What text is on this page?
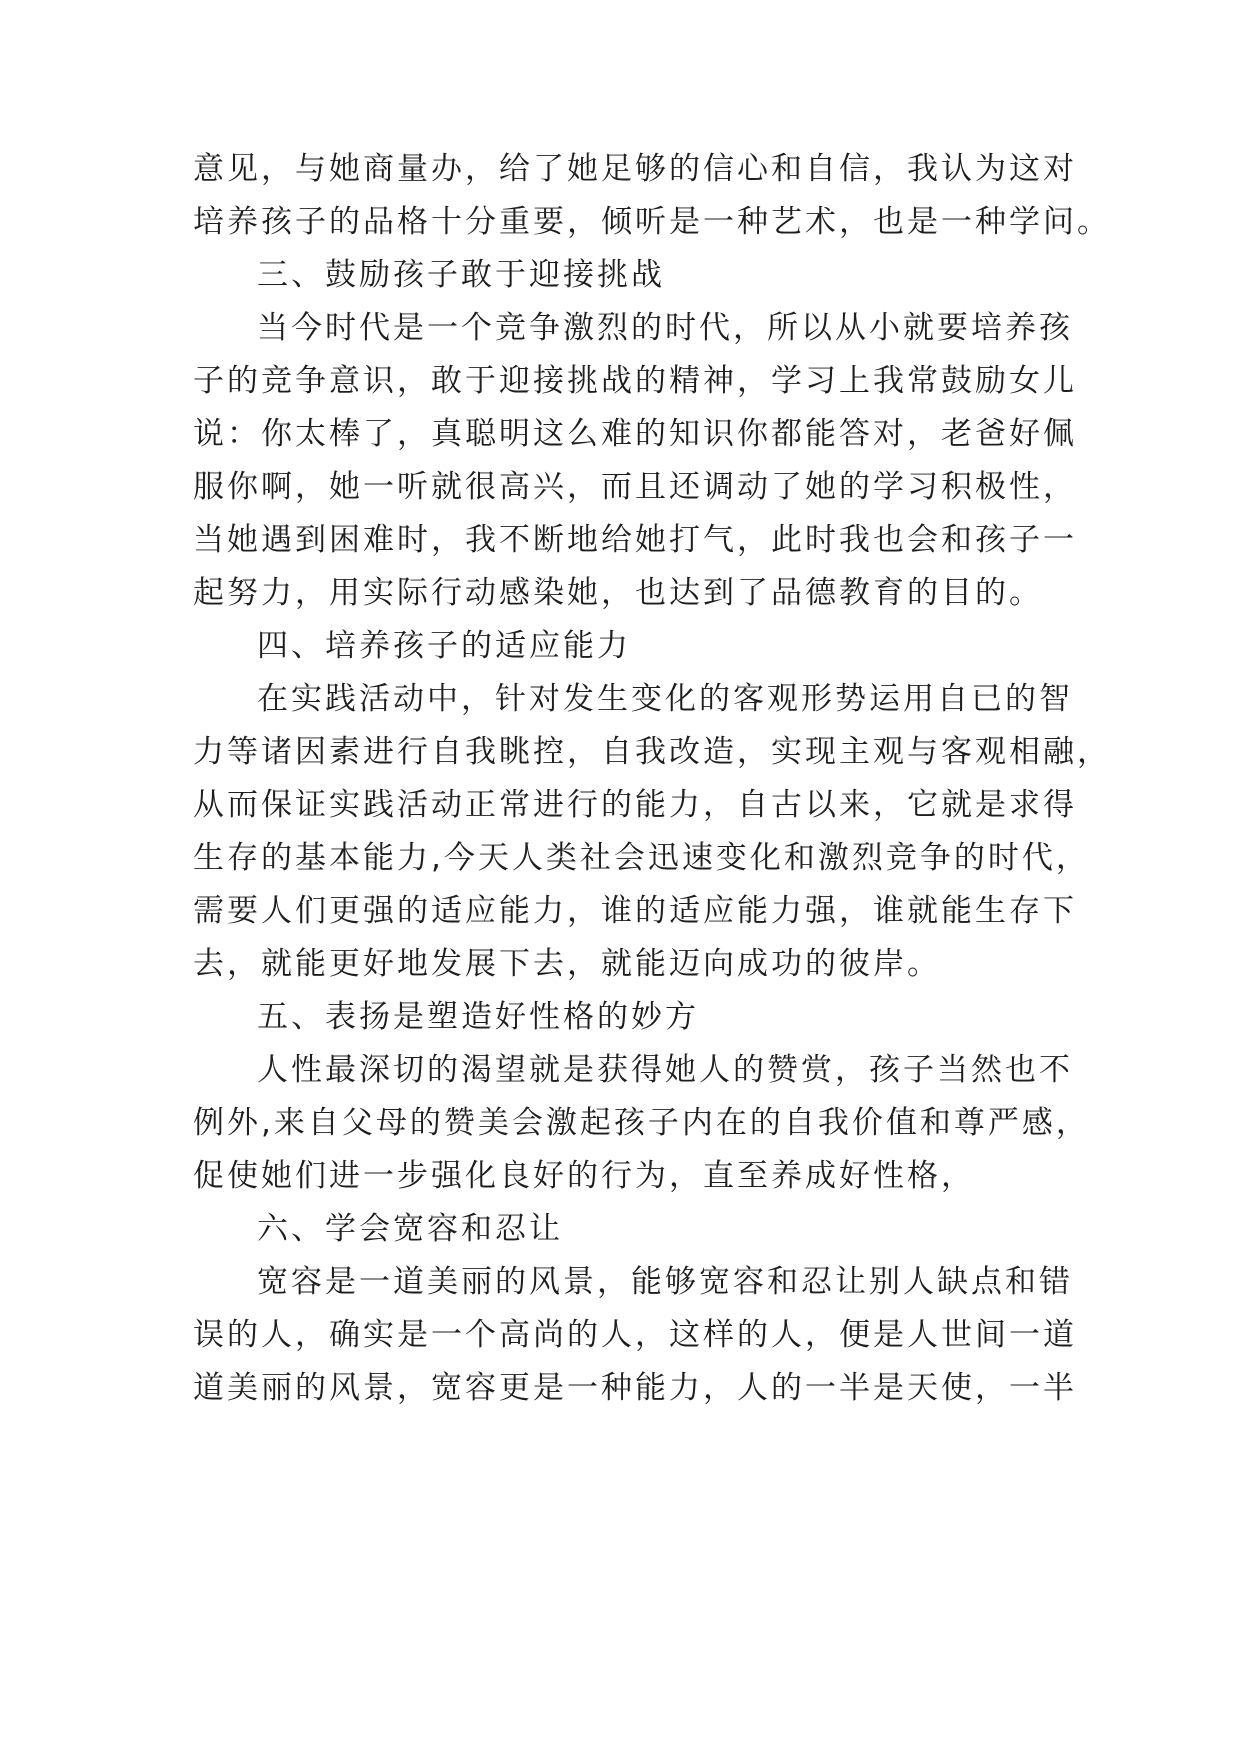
意见，与她商量办，给了她足够的信心和自信，我认为这对

培养孩子的品格十分重要，倾听是一种艺术，也是一种学问。

三、鼓励孩子敢于迎接挑战

当今时代是一个竞争激烈的时代，所以从小就要培养孩

子的竞争意识，敢于迎接挑战的精神，学习上我常鼓励女儿

说：你太棒了，真聪明这么难的知识你都能答对，老爸好佩

服你啊，她一听就很高兴，而且还调动了她的学习积极性，

当她遇到困难时，我不断地给她打气，此时我也会和孩子一

起努力，用实际行动感染她，也达到了品德教育的目的。

四、培养孩子的适应能力

在实践活动中，针对发生变化的客观形势运用自已的智

力等诸因素进行自我眺控，自我改造，实现主观与客观相融，

从而保证实践活动正常进行的能力，自古以来，它就是求得

生存的基本能力,今天人类社会迅速变化和激烈竞争的时代，

需要人们更强的适应能力，谁的适应能力强，谁就能生存下

去，就能更好地发展下去，就能迈向成功的彼岸。

五、表扬是塑造好性格的妙方

人性最深切的渴望就是获得她人的赞赏，孩子当然也不

例外,来自父母的赞美会激起孩子内在的自我价值和尊严感，

促使她们进一步强化良好的行为，直至养成好性格，

六、学会宽容和忍让

宽容是一道美丽的风景，能够宽容和忍让别人缺点和错

误的人，确实是一个高尚的人，这样的人，便是人世间一道

道美丽的风景，宽容更是一种能力，人的一半是天使，一半
